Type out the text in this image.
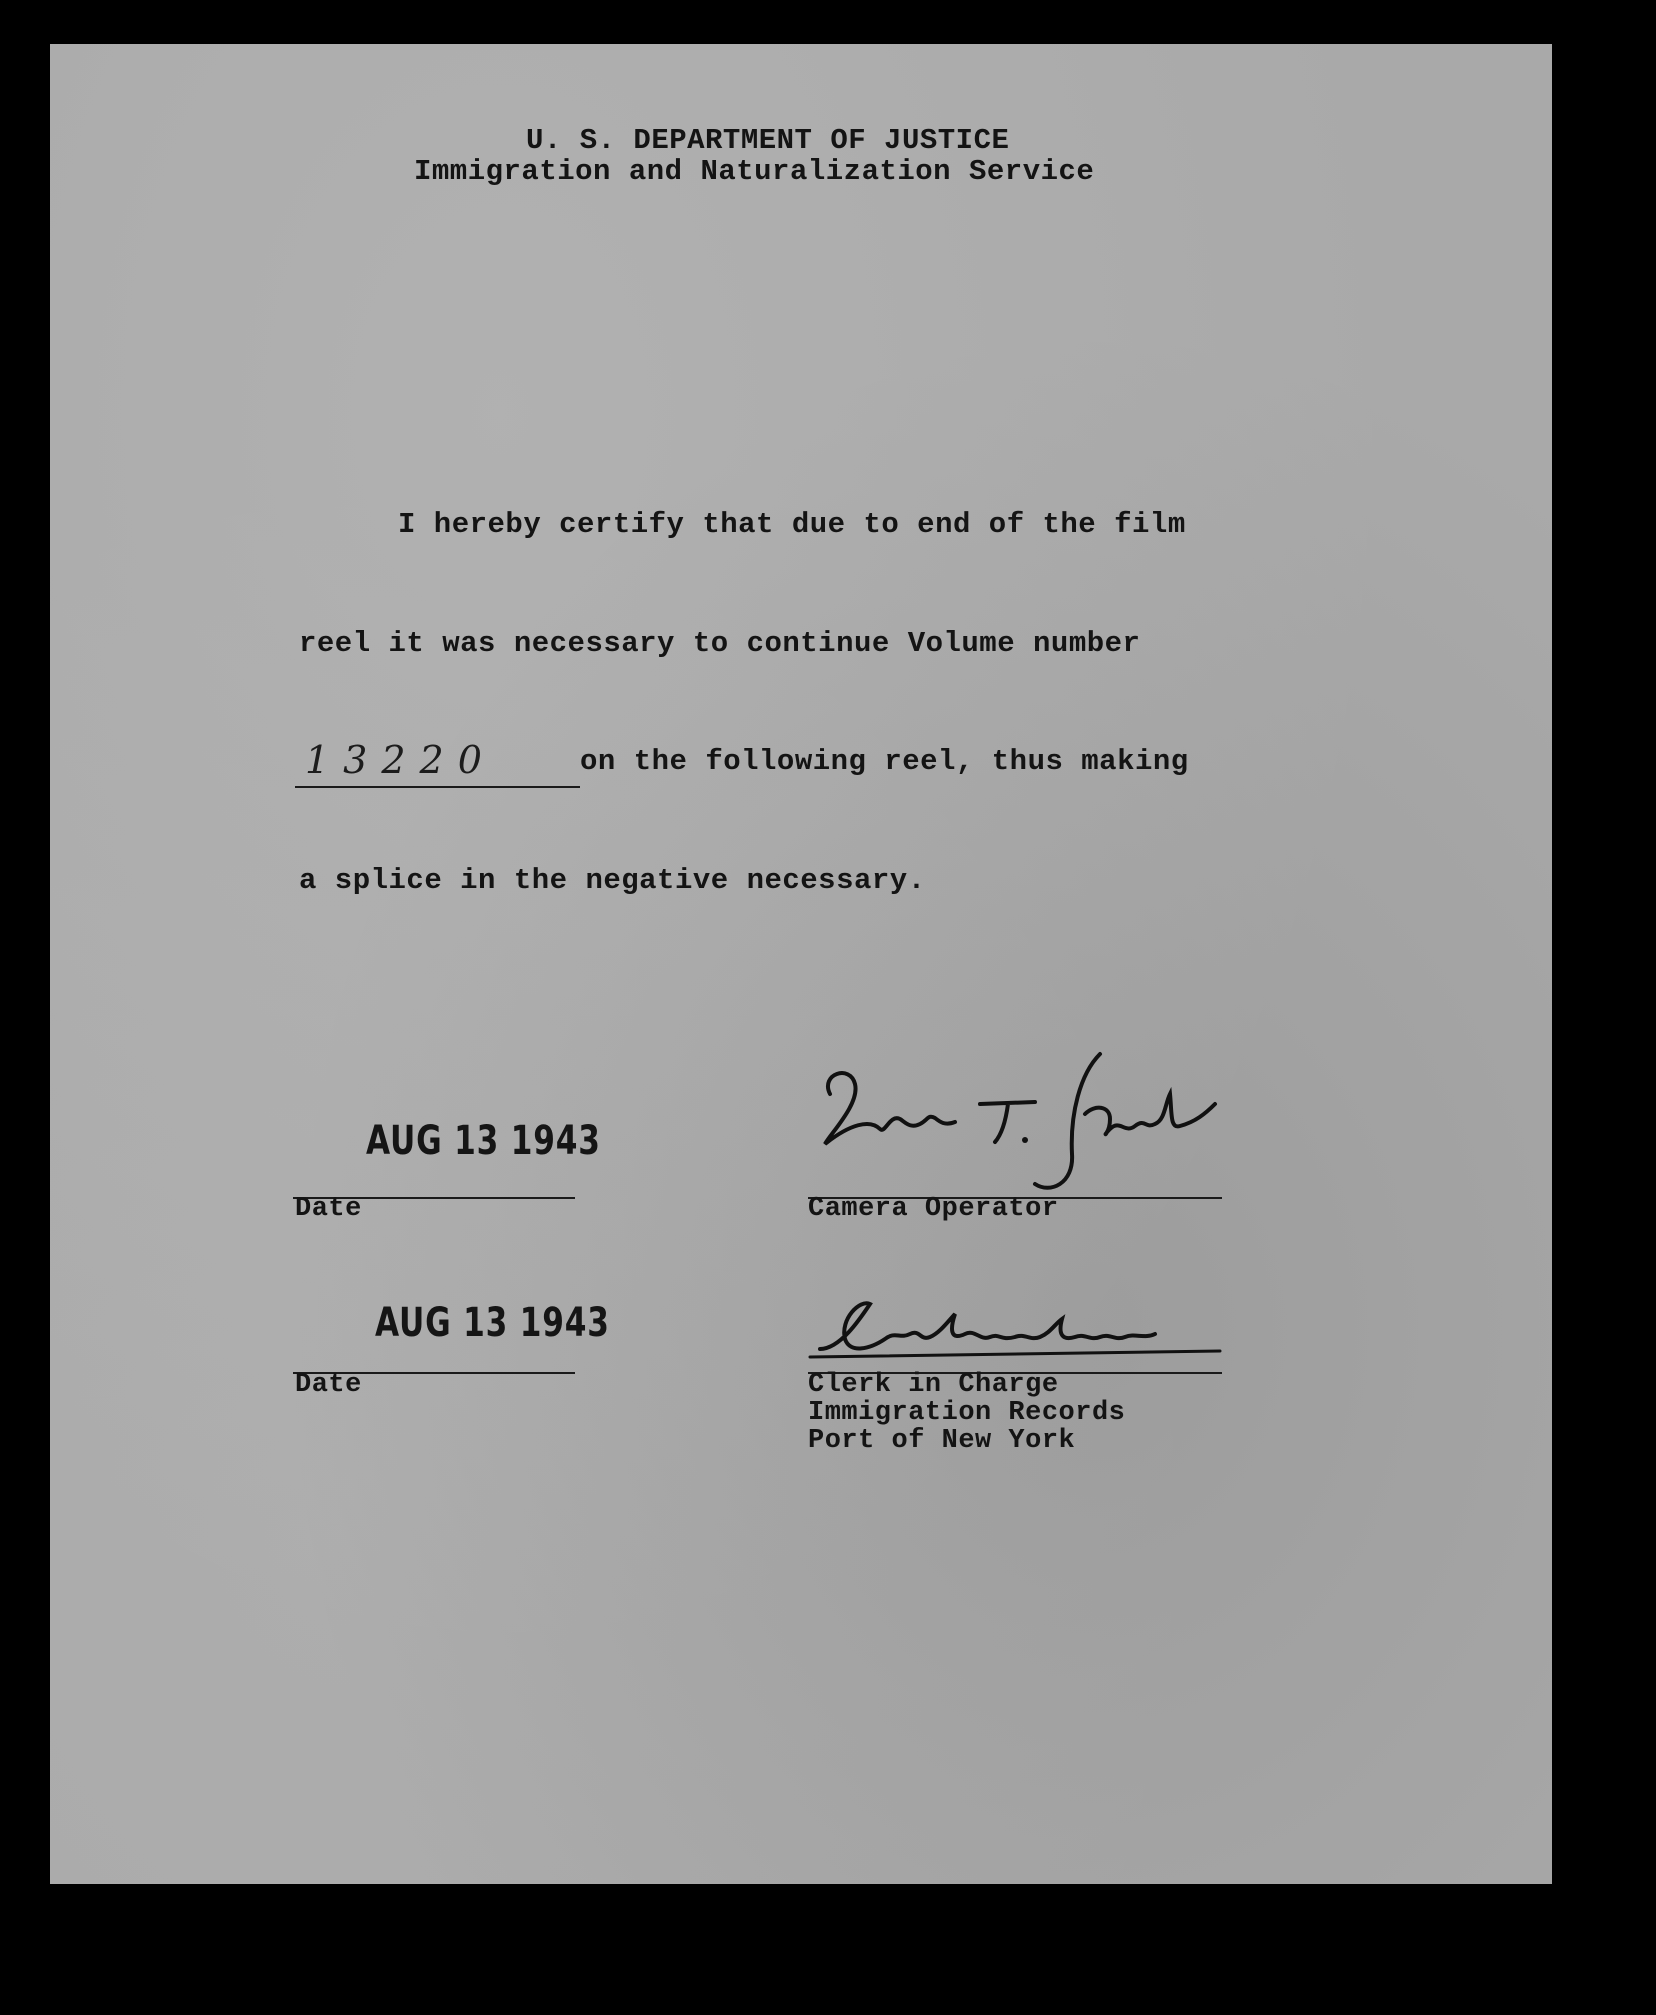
U. S. DEPARTMENT OF JUSTICE
Immigration and Naturalization Service
I hereby certify that due to end of the film
reel it was necessary to continue Volume number
13220	on the following reel, thus making
a splice in the negative necessary.
AUG 13 1943
Date	Camera Operator
AUG 13 1943
Date	Clerk in Charge
Immigration Records
Port of New York
